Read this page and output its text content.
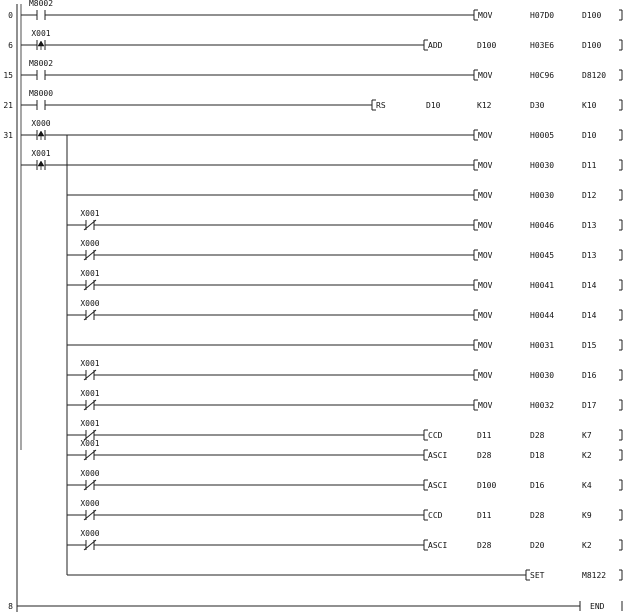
0
M8002
MOV	H07D0	D100
6
X001
ADD	D100	H03E6	D100
15
M8002
MOV	H0C96	D8120
21
M8000
RS	D10	K12	D30	K10
31
X000
MOV	H0005	D10
X001
MOV	H0030	D11
MOV	H0030	D12
X001
MOV	H0046	D13
X000
MOV	H0045	D13
X001
MOV	H0041	D14
X000
MOV	H0044	D14
MOV	H0031	D15
X001
MOV	H0030	D16
X001
MOV	H0032	D17
X001
CCD	D11	D28	K7
X001
ASCI	D28	D18	K2
X000
ASCI	D100	D16	K4
X000
CCD	D11	D28	K9
X000
ASCI	D28	D20	K2
SET	M8122
8	END
